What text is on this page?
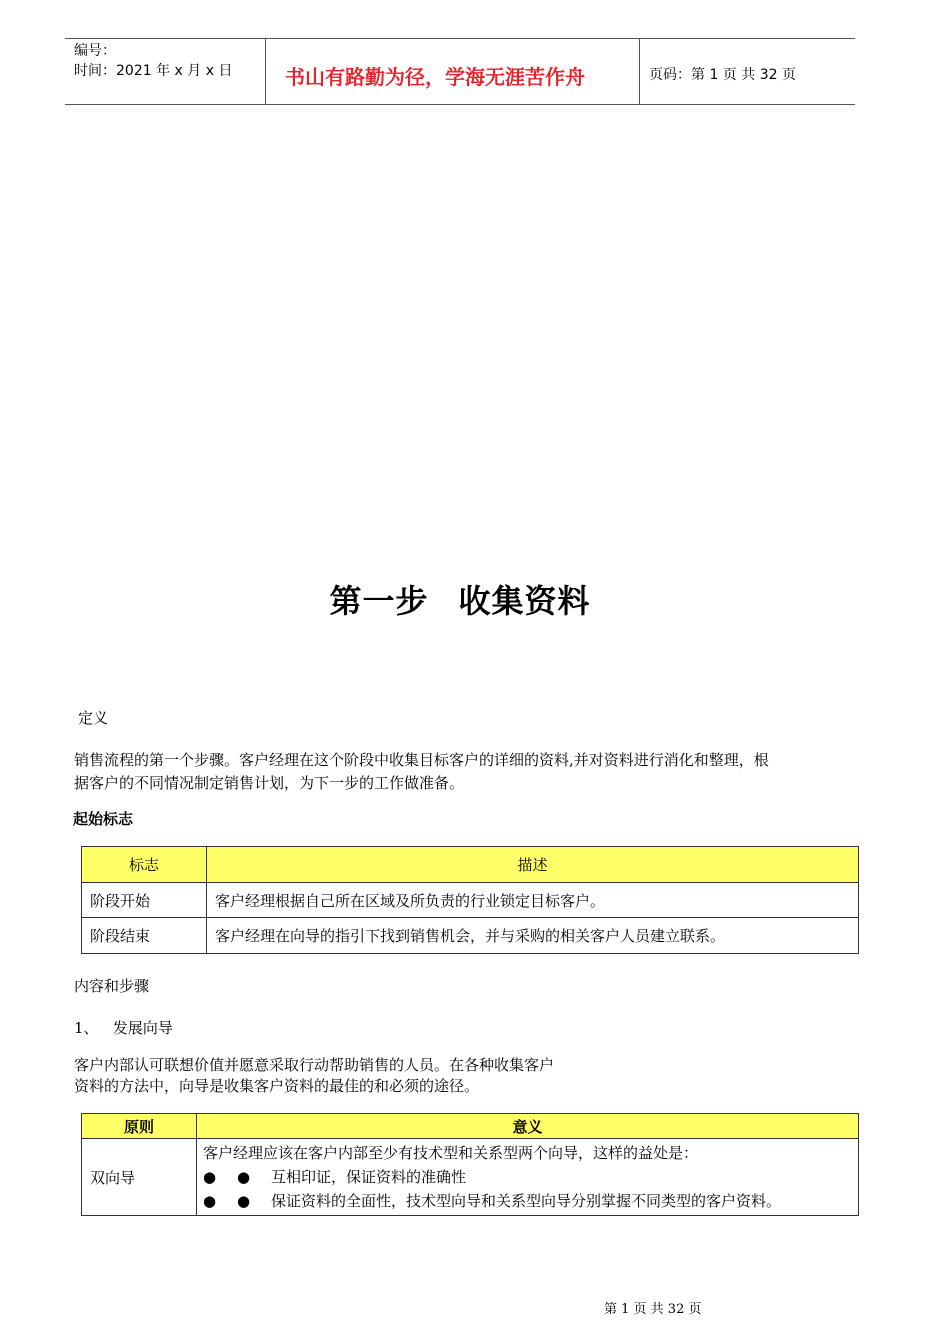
编号：
时间：2021 年 x 月 x 日	书山有路勤为径，学海无涯苦作舟	页码：第 1 页 共 32 页
第一步 收集资料
定义
销售流程的第一个步骤。客户经理在这个阶段中收集目标客户的详细的资料,并对资料进行消化和整理，根
据客户的不同情况制定销售计划，为下一步的工作做准备。
起始标志
标志	描述
阶段开始	客户经理根据自己所在区域及所负责的行业锁定目标客户。
阶段结束	客户经理在向导的指引下找到销售机会，并与采购的相关客户人员建立联系。
内容和步骤
1、   发展向导
客户内部认可联想价值并愿意采取行动帮助销售的人员。在各种收集客户
资料的方法中，向导是收集客户资料的最佳的和必须的途径。
原则	意义
双向导	客户经理应该在客户内部至少有技术型和关系型两个向导，这样的益处是：
● ● 互相印证，保证资料的准确性
● ● 保证资料的全面性，技术型向导和关系型向导分别掌握不同类型的客户资料。
第 1 页 共 32 页
